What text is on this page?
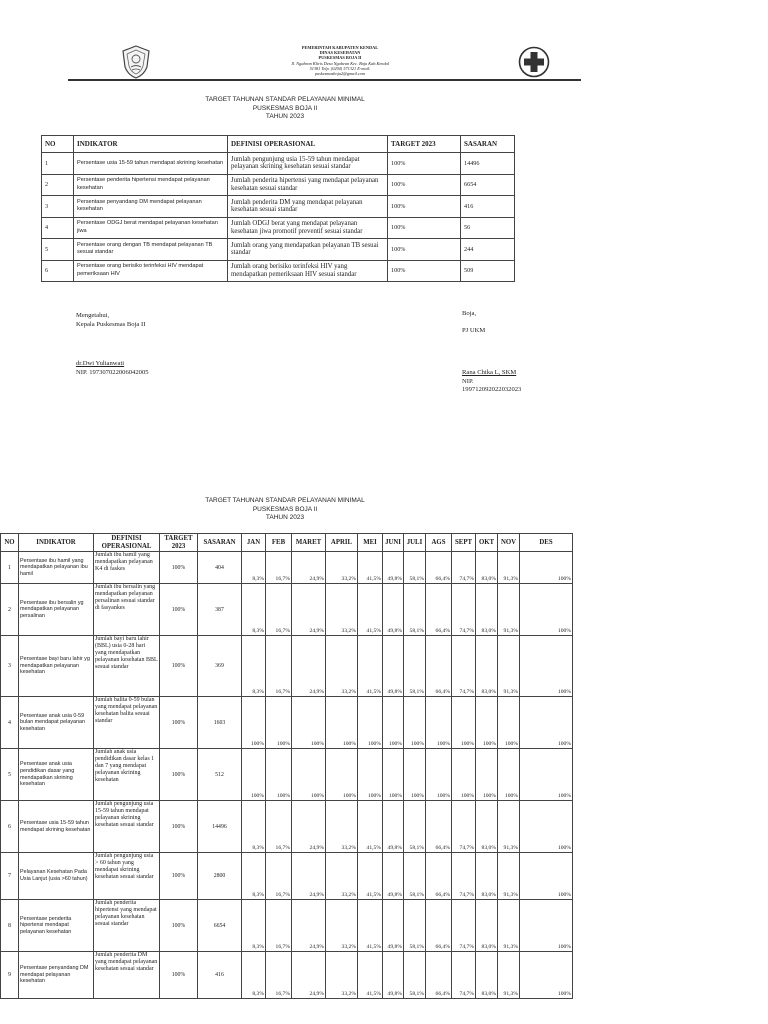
PEMERINTAH KABUPATEN KENDAL
DINAS KESEHATAN
PUSKESMAS BOJA II
Jl. Ngabean Kliris Desa Ngabean Kec. Boja Kab.Kendal
51381 Telp. (0294) 571321 E-mail:
puskesmasboja2@gmail.com
TARGET TAHUNAN STANDAR PELAYANAN MINIMAL
PUSKESMAS BOJA II
TAHUN 2023
NO	INDIKATOR	DEFINISI OPERASIONAL	TARGET 2023	SASARAN
1	Persentase usia 15-59 tahun mendapat skrining kesehatan	Jumlah pengunjung usia 15-59 tahun mendapat pelayanan skrining kesehatan sesuai standar	100%	14496
2	Persentase penderita hipertensi mendapat pelayanan kesehatan	Jumlah penderita hipertensi yang mendapat pelayanan kesehatan sesuai standar	100%	6654
3	Persentase penyandang DM mendapat pelayanan kesehatan	Jumlah penderita DM yang mendapat pelayanan kesehatan sesuai standar	100%	416
4	Persentase ODGJ berat mendapat pelayanan kesehatan jiwa	Jumlah ODGJ berat yang mendapat pelayanan kesehatan jiwa promotif preventif sesuai standar	100%	56
5	Persentase orang dengan TB mendapat pelayanan TB sesuai standar	Jumlah orang yang mendapatkan pelayanan TB sesuai standar	100%	244
6	Persentase orang berisiko terinfeksi HIV mendapat pemeriksaan HIV	Jumlah orang berisiko terinfeksi HIV yang mendapatkan pemeriksaan HIV sesuai standar	100%	509
Mengetahui,
Kepala Puskesmas Boja II
dr.Dwi Yulianwati
NIP. 197307022006042005
Boja,
PJ UKM
Rana Chika L, SKM
NIP.
199712092022032023
TARGET TAHUNAN STANDAR PELAYANAN MINIMAL
PUSKESMAS BOJA II
TAHUN 2023
NO	INDIKATOR	DEFINISI OPERASIONAL	TARGET 2023	SASARAN	JAN	FEB	MARET	APRIL	MEI	JUNI	JULI	AGS	SEPT	OKT	NOV	DES
1	Persentase ibu hamil yang mendapatkan pelayanan ibu hamil	Jumlah ibu hamil yang mendapatkan pelayanan K4 di faskes	100%	404	8,3%	16,7%	24,9%	33,2%	41,5%	49,8%	58,1%	66,4%	74,7%	83,0%	91,3%	100%
2	Persentase ibu bersalin yg mendapatkan pelayanan persalinan	Jumlah ibu bersalin yang mendapatkan pelayanan persalinan sesuai standar di fasyankes	100%	387	8,3%	16,7%	24,9%	33,2%	41,5%	49,8%	58,1%	66,4%	74,7%	83,0%	91,3%	100%
3	Persentase bayi baru lahir yg mendapatkan pelayanan kesehatan	Jumlah bayi baru lahir (BBL) usia 0-28 hari yang mendapatkan pelayanan kesehatan BBL sesuai standar	100%	369	8,3%	16,7%	24,9%	33,2%	41,5%	49,8%	58,1%	66,4%	74,7%	83,0%	91,3%	100%
4	Persentase anak usia 0-59 bulan mendapat pelayanan kesehatan	Jumlah balita 0-59 bulan yang mendapat pelayanan kesehatan balita sesuai standar	100%	1603	100%	100%	100%	100%	100%	100%	100%	100%	100%	100%	100%	100%
5	Persentase anak usia pendidikan dasar yang mendapatkan skrining kesehatan	Jumlah anak usia pendidikan dasar kelas 1 dan 7 yang mendapat pelayanan skrining kesehatan	100%	512	100%	100%	100%	100%	100%	100%	100%	100%	100%	100%	100%	100%
6	Persentase usia 15-59 tahun mendapat skrining kesehatan	Jumlah pengunjung usia 15-59 tahun mendapat pelayanan skrining kesehatan sesuai standar	100%	14496	8,3%	16,7%	24,9%	33,2%	41,5%	49,8%	58,1%	66,4%	74,7%	83,0%	91,3%	100%
7	Pelayanan Kesehatan Pada Usia Lanjut (usia >60 tahun)	Jumlah pengunjung usia > 60 tahun yang mendapat skrining kesehatan sesuai standar	100%	2800	8,3%	16,7%	24,9%	33,2%	41,5%	49,8%	58,1%	66,4%	74,7%	83,0%	91,3%	100%
8	Persentase penderita hipertensi mendapat pelayanan kesehatan	Jumlah penderita hipertensi yang mendapat pelayanan kesehatan sesuai standar	100%	6654	8,3%	16,7%	24,9%	33,2%	41,5%	49,8%	58,1%	66,4%	74,7%	83,0%	91,3%	100%
9	Persentase penyandang DM mendapat pelayanan kesehatan	Jumlah penderita DM yang mendapat pelayanan kesehatan sesuai standar	100%	416	8,3%	16,7%	24,9%	33,2%	41,5%	49,8%	58,1%	66,4%	74,7%	83,0%	91,3%	100%
